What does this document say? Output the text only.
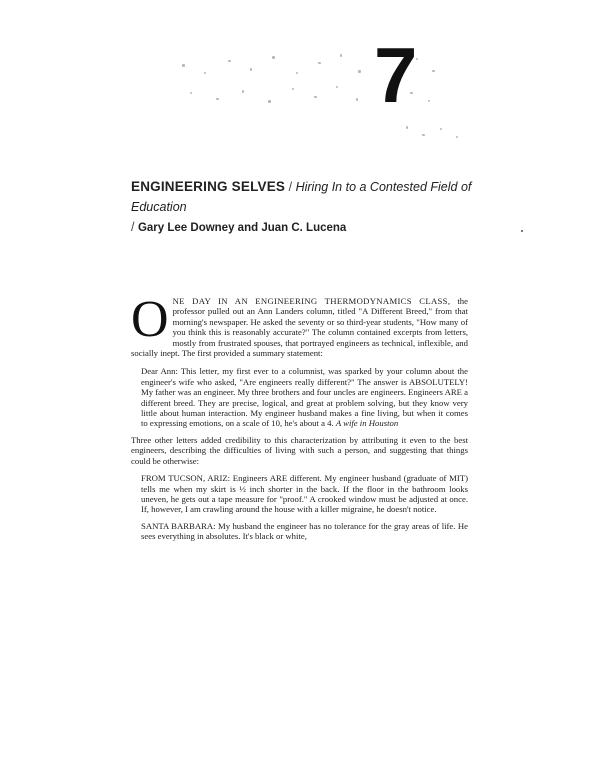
7
ENGINEERING SELVES / Hiring In to a Contested Field of Education
/ Gary Lee Downey and Juan C. Lucena

ONE DAY IN AN ENGINEERING THERMODYNAMICS CLASS, the professor pulled out an Ann Landers column, titled "A Different Breed," from that morning's newspaper. He asked the seventy or so third-year students, "How many of you think this is reasonably accurate?" The column contained excerpts from letters, mostly from frustrated spouses, that portrayed engineers as technical, inflexible, and socially inept. The first provided a summary statement:

Dear Ann: This letter, my first ever to a columnist, was sparked by your column about the engineer's wife who asked, "Are engineers really different?" The answer is ABSOLUTELY! My father was an engineer. My three brothers and four uncles are engineers. Engineers ARE a different breed. They are precise, logical, and great at problem solving, but they know very little about human interaction. My engineer husband makes a fine living, but when it comes to expressing emotions, on a scale of 10, he's about a 4. A wife in Houston

Three other letters added credibility to this characterization by attributing it even to the best engineers, describing the difficulties of living with such a person, and suggesting that things could be otherwise:

FROM TUCSON, ARIZ: Engineers ARE different. My engineer husband (graduate of MIT) tells me when my skirt is ½ inch shorter in the back. If the floor in the bathroom looks uneven, he gets out a tape measure for "proof." A crooked window must be adjusted at once. If, however, I am crawling around the house with a killer migraine, he doesn't notice.

SANTA BARBARA: My husband the engineer has no tolerance for the gray areas of life. He sees everything in absolutes. It's black or white,
